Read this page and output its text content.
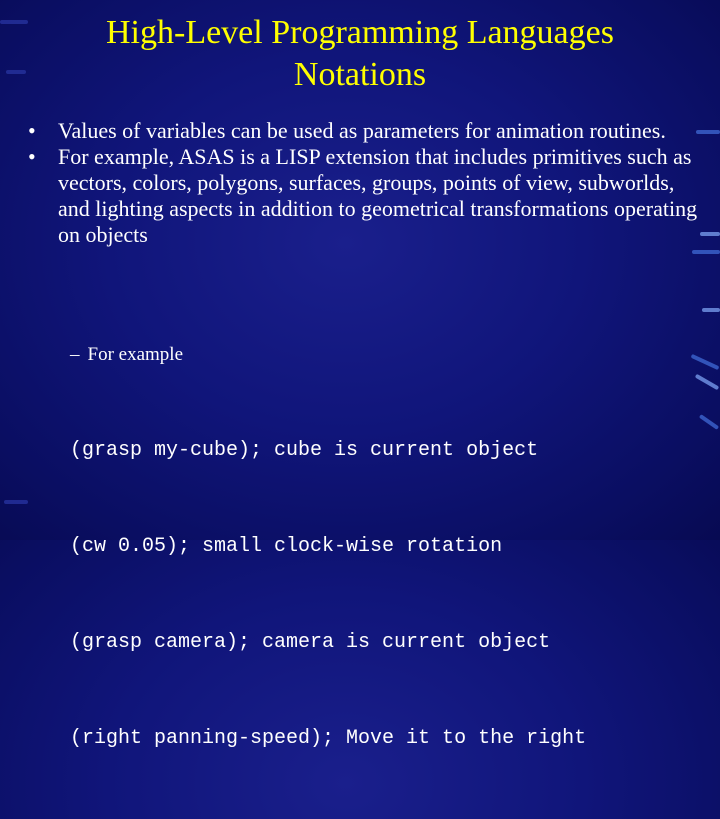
High-Level Programming Languages
Notations
• Values of variables can be used as parameters for animation routines.
• For example, ASAS is a LISP extension that includes primitives such as vectors, colors, polygons, surfaces, groups, points of view, subworlds, and lighting aspects in addition to geometrical transformations operating on objects
– For example

(grasp my-cube); cube is current object

(cw 0.05); small clock-wise rotation

(grasp camera); camera is current object

(right panning-speed); Move it to the right
